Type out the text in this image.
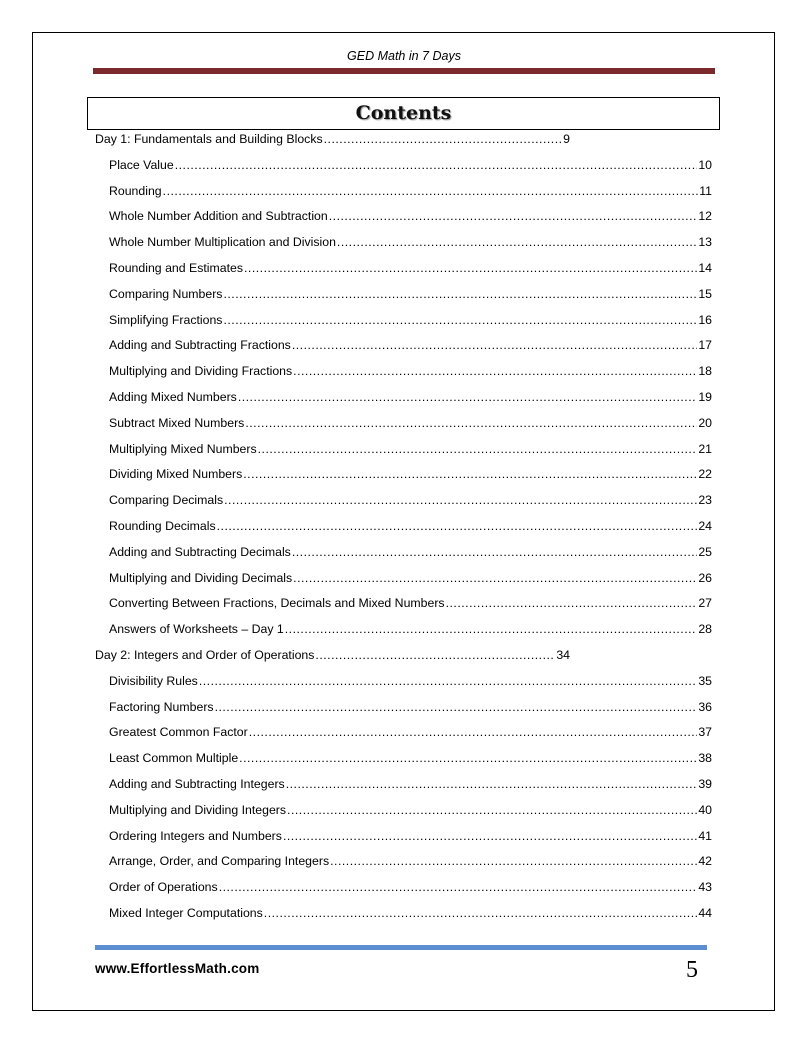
GED Math in 7 Days
Contents
Day 1: Fundamentals and Building Blocks .....	9
Place Value .....	10
Rounding .....	11
Whole Number Addition and Subtraction .....	12
Whole Number Multiplication and Division .....	13
Rounding and Estimates .....	14
Comparing Numbers .....	15
Simplifying Fractions .....	16
Adding and Subtracting Fractions .....	17
Multiplying and Dividing Fractions .....	18
Adding Mixed Numbers .....	19
Subtract Mixed Numbers .....	20
Multiplying Mixed Numbers .....	21
Dividing Mixed Numbers .....	22
Comparing Decimals .....	23
Rounding Decimals .....	24
Adding and Subtracting Decimals .....	25
Multiplying and Dividing Decimals .....	26
Converting Between Fractions, Decimals and Mixed Numbers .....	27
Answers of Worksheets – Day 1 .....	28
Day 2: Integers and Order of Operations .....	34
Divisibility Rules .....	35
Factoring Numbers .....	36
Greatest Common Factor .....	37
Least Common Multiple .....	38
Adding and Subtracting Integers .....	39
Multiplying and Dividing Integers .....	40
Ordering Integers and Numbers .....	41
Arrange, Order, and Comparing Integers .....	42
Order of Operations .....	43
Mixed Integer Computations .....	44
www.EffortlessMath.com	5
